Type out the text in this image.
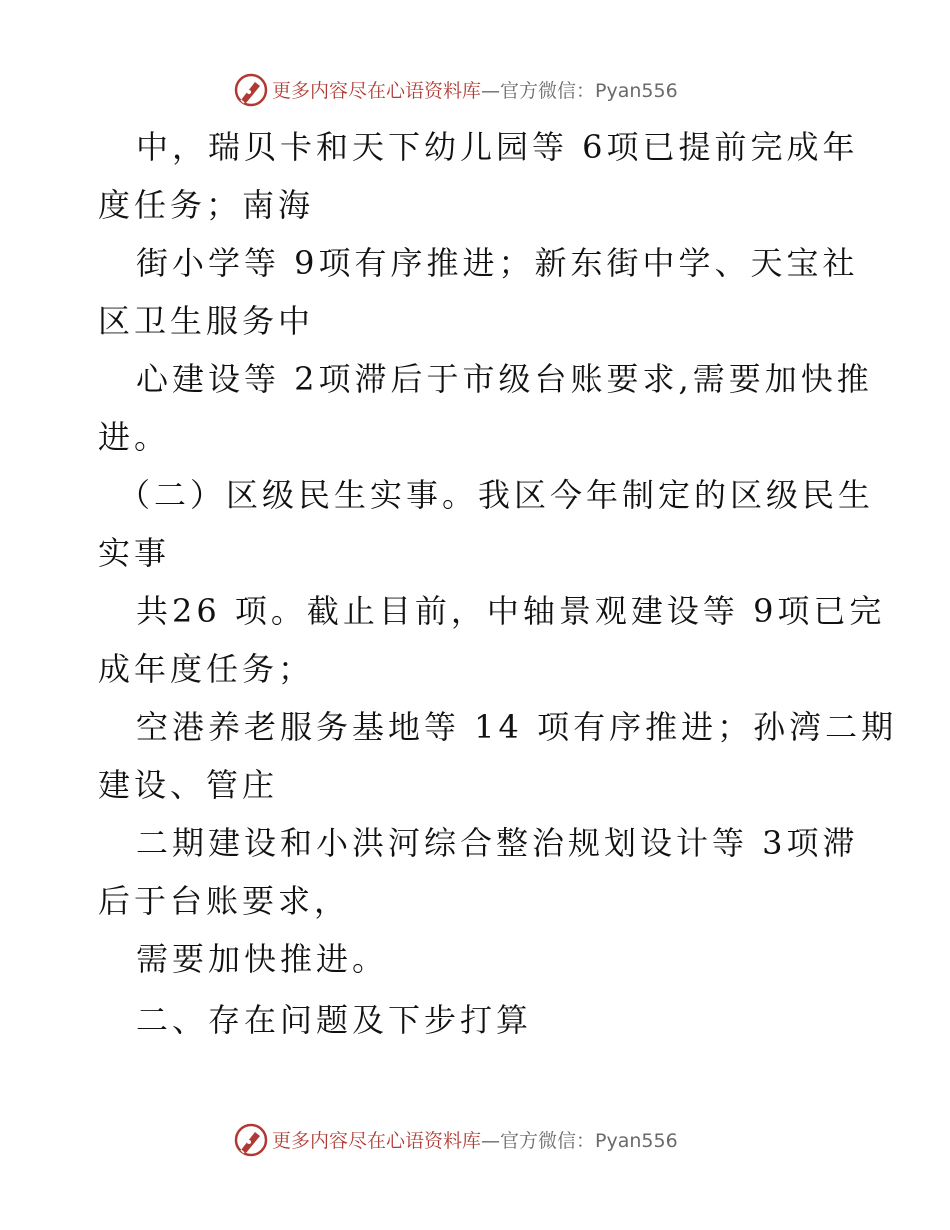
更多内容尽在心语资料库—官方微信：Pyan556
中，瑞贝卡和天下幼儿园等 6项已提前完成年
度任务；南海
街小学等 9项有序推进；新东街中学、天宝社
区卫生服务中
心建设等 2项滞后于市级台账要求,需要加快推
进。
（二）区级民生实事。我区今年制定的区级民生
实事
共26 项。截止目前，中轴景观建设等 9项已完
成年度任务；
空港养老服务基地等 14 项有序推进；孙湾二期
建设、管庄
二期建设和小洪河综合整治规划设计等 3项滞
后于台账要求，
需要加快推进。
二、存在问题及下步打算
更多内容尽在心语资料库—官方微信：Pyan556
